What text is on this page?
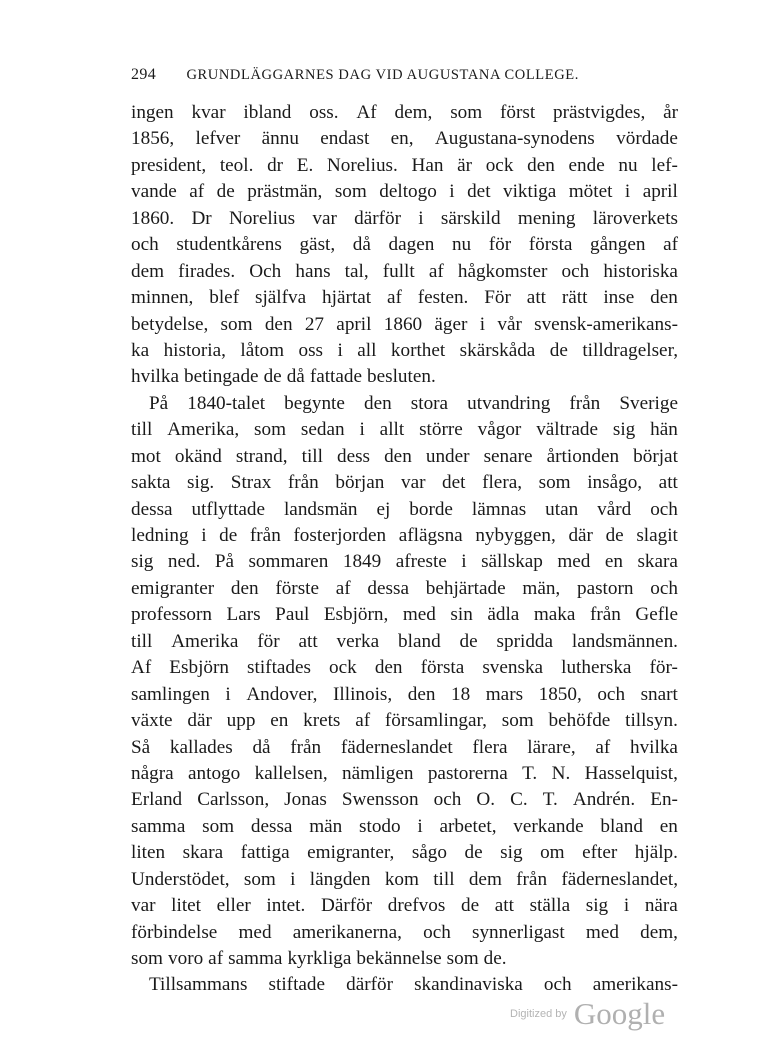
294 GRUNDLÄGGARNES DAG VID AUGUSTANA COLLEGE.
ingen kvar ibland oss. Af dem, som först prästvigdes, år
1856, lefver ännu endast en, Augustana-synodens vördade
president, teol. dr E. Norelius. Han är ock den ende nu lef-
vande af de prästmän, som deltogo i det viktiga mötet i april
1860. Dr Norelius var därför i särskild mening läroverkets
och studentkårens gäst, då dagen nu för första gången af
dem firades. Och hans tal, fullt af hågkomster och historiska
minnen, blef själfva hjärtat af festen. För att rätt inse den
betydelse, som den 27 april 1860 äger i vår svensk-amerikans-
ka historia, låtom oss i all korthet skärskåda de tilldragelser,
hvilka betingade de då fattade besluten.
På 1840-talet begynte den stora utvandring från Sverige
till Amerika, som sedan i allt större vågor vältrade sig hän
mot okänd strand, till dess den under senare årtionden börjat
sakta sig. Strax från början var det flera, som insågo, att
dessa utflyttade landsmän ej borde lämnas utan vård och
ledning i de från fosterjorden aflägsna nybyggen, där de slagit
sig ned. På sommaren 1849 afreste i sällskap med en skara
emigranter den förste af dessa behjärtade män, pastorn och
professorn Lars Paul Esbjörn, med sin ädla maka från Gefle
till Amerika för att verka bland de spridda landsmännen.
Af Esbjörn stiftades ock den första svenska lutherska för-
samlingen i Andover, Illinois, den 18 mars 1850, och snart
växte där upp en krets af församlingar, som behöfde tillsyn.
Så kallades då från fäderneslandet flera lärare, af hvilka
några antogo kallelsen, nämligen pastorerna T. N. Hasselquist,
Erland Carlsson, Jonas Swensson och O. C. T. Andrén. En-
samma som dessa män stodo i arbetet, verkande bland en
liten skara fattiga emigranter, sågo de sig om efter hjälp.
Understödet, som i längden kom till dem från fäderneslandet,
var litet eller intet. Därför drefvos de att ställa sig i nära
förbindelse med amerikanerna, och synnerligast med dem,
som voro af samma kyrkliga bekännelse som de.
Tillsammans stiftade därför skandinaviska och amerikans-
Digitized by Google
